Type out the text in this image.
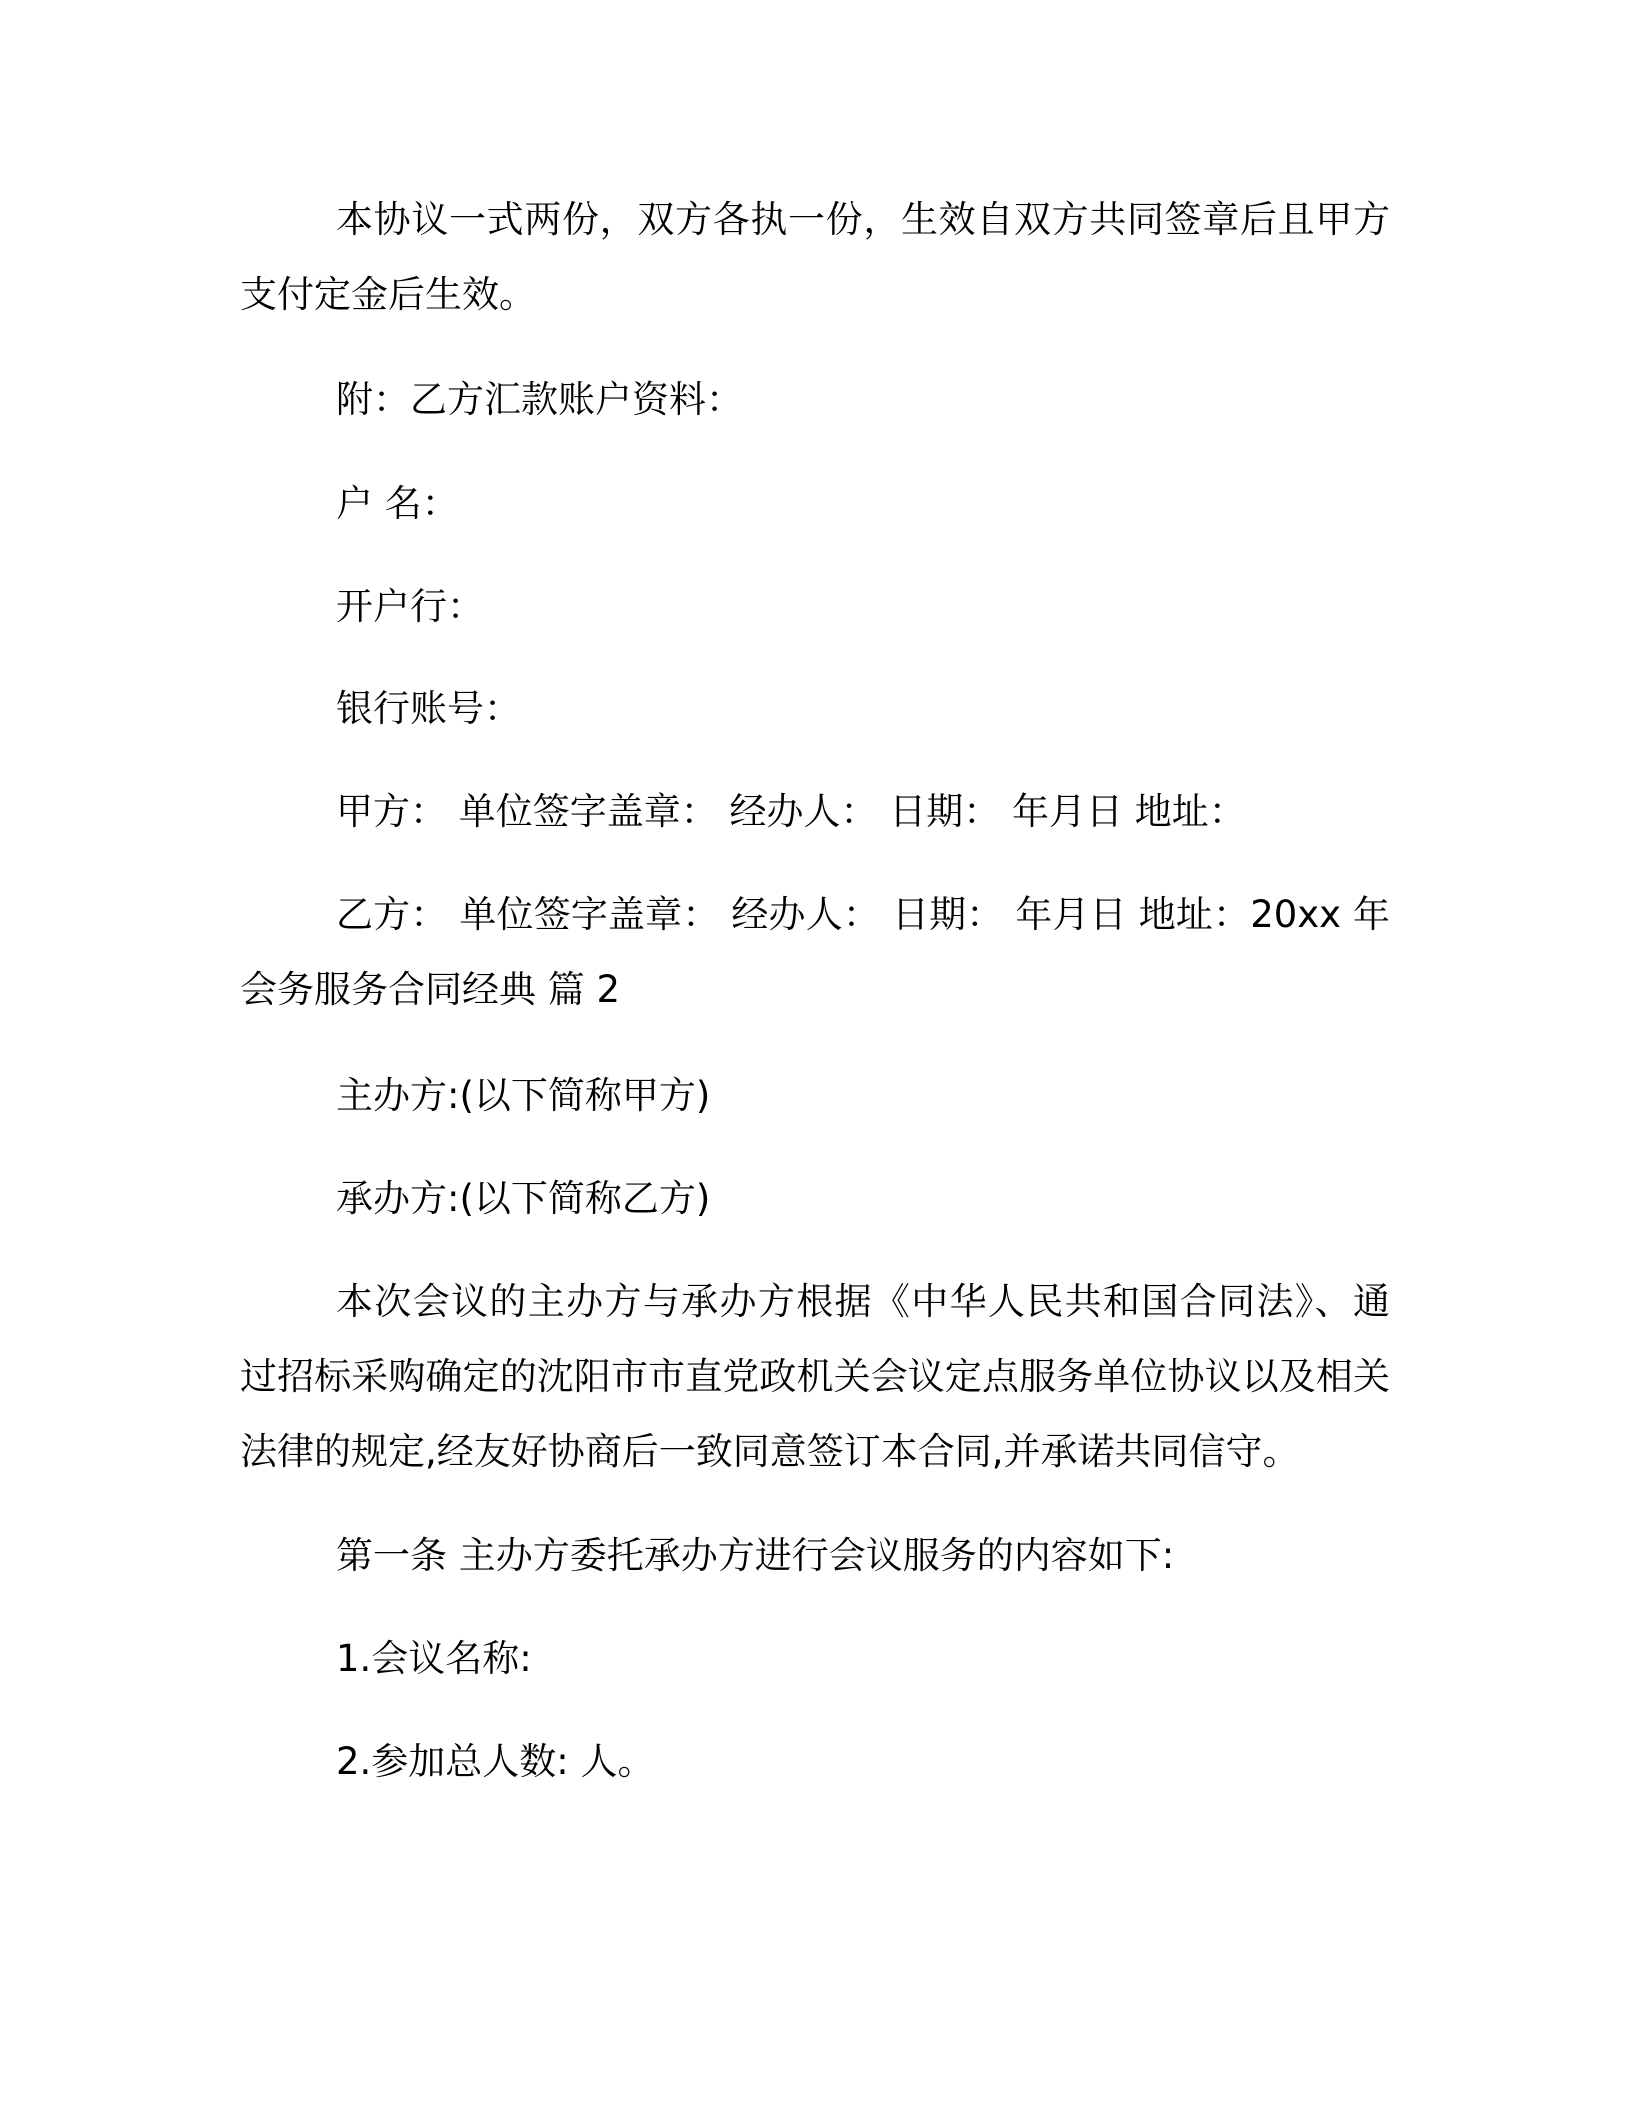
本协议一式两份，双方各执一份，生效自双方共同签章后且甲方支付定金后生效。

附：乙方汇款账户资料：

户 名：

开户行：

银行账号：

甲方： 单位签字盖章： 经办人： 日期： 年月日 地址：

乙方： 单位签字盖章： 经办人： 日期： 年月日 地址：20xx 年会务服务合同经典 篇 2

主办方:(以下简称甲方)

承办方:(以下简称乙方)

本次会议的主办方与承办方根据《中华人民共和国合同法》、通过招标采购确定的沈阳市市直党政机关会议定点服务单位协议以及相关法律的规定,经友好协商后一致同意签订本合同,并承诺共同信守。

第一条 主办方委托承办方进行会议服务的内容如下:

1.会议名称:

2.参加总人数: 人。
